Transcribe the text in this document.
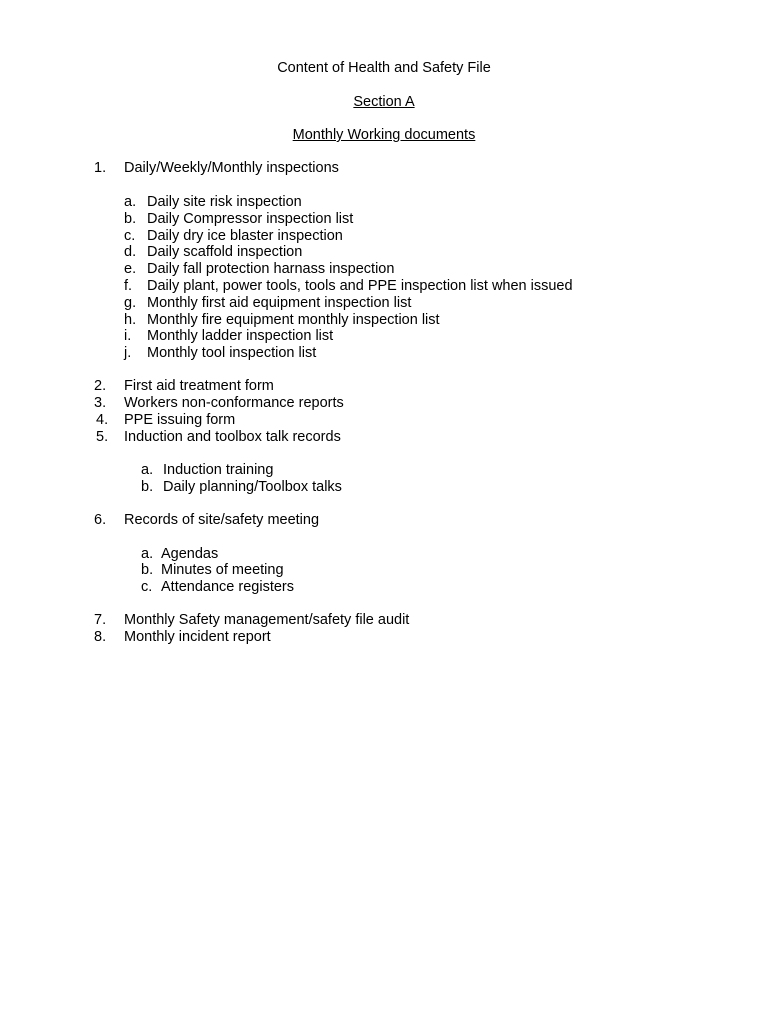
Content of Health and Safety File
Section A
Monthly Working documents
1. Daily/Weekly/Monthly inspections
a. Daily site risk inspection
b. Daily Compressor inspection list
c. Daily dry ice blaster inspection
d. Daily scaffold inspection
e. Daily fall protection harnass inspection
f. Daily plant, power tools, tools and PPE inspection list when issued
g. Monthly first aid equipment inspection list
h. Monthly fire equipment monthly inspection list
i. Monthly ladder inspection list
j. Monthly tool inspection list
2. First aid treatment form
3. Workers non-conformance reports
4. PPE issuing form
5. Induction and toolbox talk records
a. Induction training
b. Daily planning/Toolbox talks
6. Records of site/safety meeting
a. Agendas
b. Minutes of meeting
c. Attendance registers
7. Monthly Safety management/safety file audit
8. Monthly incident report
